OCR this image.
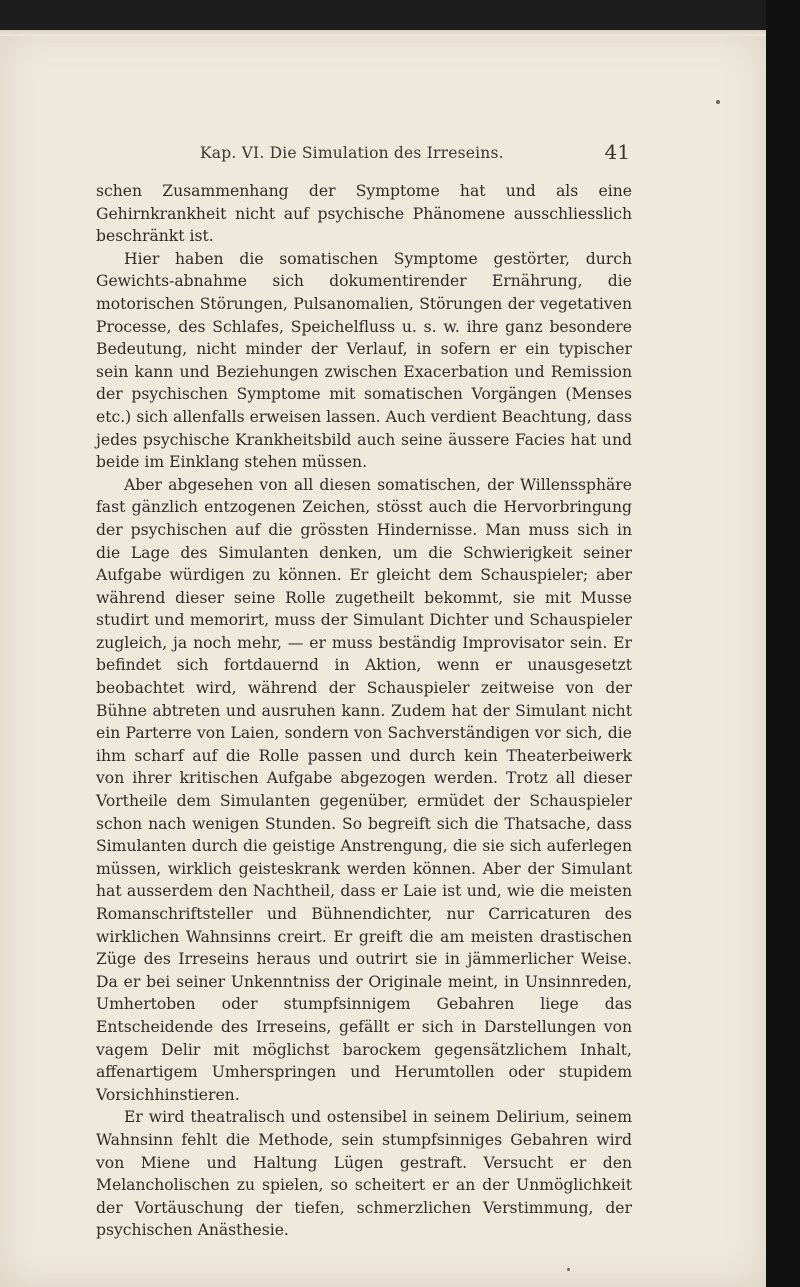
Kap. VI. Die Simulation des Irreseins.	41

schen Zusammenhang der Symptome hat und als eine Gehirnkrankheit nicht auf psychische Phänomene ausschliesslich beschränkt ist.

Hier haben die somatischen Symptome gestörter, durch Gewichts-abnahme sich dokumentirender Ernährung, die motorischen Störungen, Pulsanomalien, Störungen der vegetativen Processe, des Schlafes, Speichelfluss u. s. w. ihre ganz besondere Bedeutung, nicht minder der Verlauf, in sofern er ein typischer sein kann und Beziehungen zwischen Exacerbation und Remission der psychischen Symptome mit somatischen Vorgängen (Menses etc.) sich allenfalls erweisen lassen. Auch verdient Beachtung, dass jedes psychische Krankheitsbild auch seine äussere Facies hat und beide im Einklang stehen müssen.

Aber abgesehen von all diesen somatischen, der Willenssphäre fast gänzlich entzogenen Zeichen, stösst auch die Hervorbringung der psychischen auf die grössten Hindernisse. Man muss sich in die Lage des Simulanten denken, um die Schwierigkeit seiner Aufgabe würdigen zu können. Er gleicht dem Schauspieler; aber während dieser seine Rolle zugetheilt bekommt, sie mit Musse studirt und memorirt, muss der Simulant Dichter und Schauspieler zugleich, ja noch mehr, — er muss beständig Improvisator sein. Er befindet sich fortdauernd in Aktion, wenn er unausgesetzt beobachtet wird, während der Schauspieler zeitweise von der Bühne abtreten und ausruhen kann. Zudem hat der Simulant nicht ein Parterre von Laien, sondern von Sachverständigen vor sich, die ihm scharf auf die Rolle passen und durch kein Theaterbeiwerk von ihrer kritischen Aufgabe abgezogen werden. Trotz all dieser Vortheile dem Simulanten gegenüber, ermüdet der Schauspieler schon nach wenigen Stunden. So begreift sich die Thatsache, dass Simulanten durch die geistige Anstrengung, die sie sich auferlegen müssen, wirklich geisteskrank werden können. Aber der Simulant hat ausserdem den Nachtheil, dass er Laie ist und, wie die meisten Romanschriftsteller und Bühnendichter, nur Carricaturen des wirklichen Wahnsinns creirt. Er greift die am meisten drastischen Züge des Irreseins heraus und outrirt sie in jämmerlicher Weise. Da er bei seiner Unkenntniss der Originale meint, in Unsinnreden, Umhertoben oder stumpfsinnigem Gebahren liege das Entscheidende des Irreseins, gefällt er sich in Darstellungen von vagem Delir mit möglichst barockem gegensätzlichem Inhalt, affenartigem Umherspringen und Herumtollen oder stupidem Vorsichhinstieren.

Er wird theatralisch und ostensibel in seinem Delirium, seinem Wahnsinn fehlt die Methode, sein stumpfsinniges Gebahren wird von Miene und Haltung Lügen gestraft. Versucht er den Melancholischen zu spielen, so scheitert er an der Unmöglichkeit der Vortäuschung der tiefen, schmerzlichen Verstimmung, der psychischen Anästhesie.
